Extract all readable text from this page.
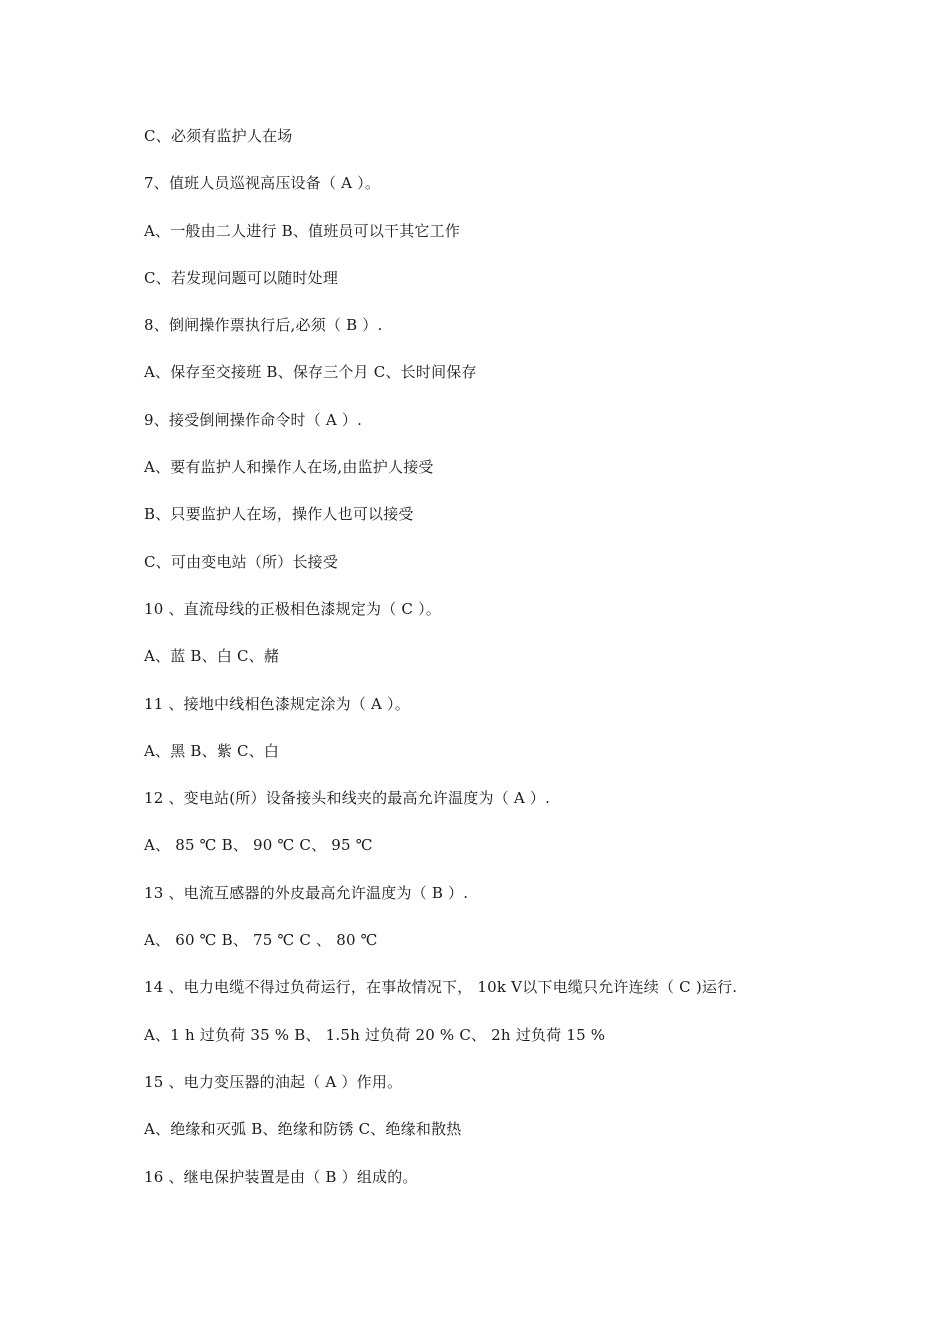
C、必须有监护人在场
7、值班人员巡视高压设备（ A ）。
A、一般由二人进行 B、值班员可以干其它工作
C、若发现问题可以随时处理
8、倒闸操作票执行后,必须（ B ）.
A、保存至交接班 B、保存三个月 C、长时间保存
9、接受倒闸操作命令时（ A ）.
A、要有监护人和操作人在场,由监护人接受
B、只要监护人在场，操作人也可以接受
C、可由变电站（所）长接受
10 、直流母线的正极相色漆规定为（ C ）。
A、蓝 B、白 C、赭
11 、接地中线相色漆规定涂为（ A ）。
A、黑 B、紫 C、白
12 、变电站(所）设备接头和线夹的最高允许温度为（ A ）.
A、 85 ℃ B、 90 ℃ C、 95 ℃
13 、电流互感器的外皮最高允许温度为（ B ）.
A、 60 ℃ B、 75 ℃ C 、 80 ℃
14 、电力电缆不得过负荷运行，在事故情况下， 10k V以下电缆只允许连续（ C )运行.
A、1 h 过负荷 35 % B、 1.5h 过负荷 20 % C、 2h 过负荷 15 %
15 、电力变压器的油起（ A ）作用。
A、绝缘和灭弧 B、绝缘和防锈 C、绝缘和散热
16 、继电保护装置是由（ B ）组成的。
